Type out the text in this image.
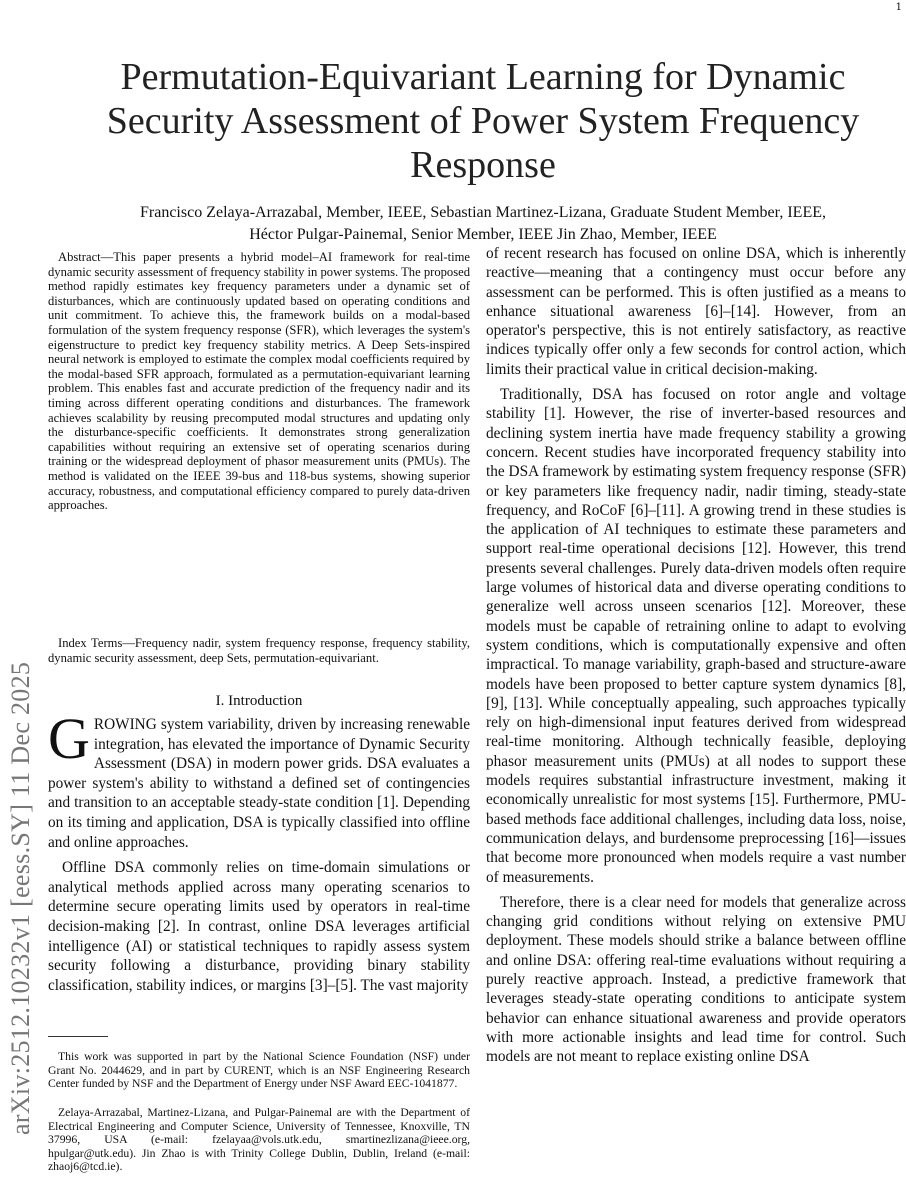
1
arXiv:2512.10232v1 [eess.SY] 11 Dec 2025
Permutation-Equivariant Learning for Dynamic Security Assessment of Power System Frequency Response
Francisco Zelaya-Arrazabal, Member, IEEE, Sebastian Martinez-Lizana, Graduate Student Member, IEEE,
Héctor Pulgar-Painemal, Senior Member, IEEE Jin Zhao, Member, IEEE
Abstract—This paper presents a hybrid model–AI framework for real-time dynamic security assessment of frequency stability in power systems. The proposed method rapidly estimates key frequency parameters under a dynamic set of disturbances, which are continuously updated based on operating conditions and unit commitment. To achieve this, the framework builds on a modal-based formulation of the system frequency response (SFR), which leverages the system's eigenstructure to predict key frequency stability metrics. A Deep Sets-inspired neural network is employed to estimate the complex modal coefficients required by the modal-based SFR approach, formulated as a permutation-equivariant learning problem. This enables fast and accurate prediction of the frequency nadir and its timing across different operating conditions and disturbances. The framework achieves scalability by reusing precomputed modal structures and updating only the disturbance-specific coefficients. It demonstrates strong generalization capabilities without requiring an extensive set of operating scenarios during training or the widespread deployment of phasor measurement units (PMUs). The method is validated on the IEEE 39-bus and 118-bus systems, showing superior accuracy, robustness, and computational efficiency compared to purely data-driven approaches.
Index Terms—Frequency nadir, system frequency response, frequency stability, dynamic security assessment, deep Sets, permutation-equivariant.
I. Introduction

GROWING system variability, driven by increasing renewable integration, has elevated the importance of Dynamic Security Assessment (DSA) in modern power grids. DSA evaluates a power system's ability to withstand a defined set of contingencies and transition to an acceptable steady-state condition [1]. Depending on its timing and application, DSA is typically classified into offline and online approaches.

Offline DSA commonly relies on time-domain simulations or analytical methods applied across many operating scenarios to determine secure operating limits used by operators in real-time decision-making [2]. In contrast, online DSA leverages artificial intelligence (AI) or statistical techniques to rapidly assess system security following a disturbance, providing binary stability classification, stability indices, or margins [3]–[5]. The vast majority

This work was supported in part by the National Science Foundation (NSF) under Grant No. 2044629, and in part by CURENT, which is an NSF Engineering Research Center funded by NSF and the Department of Energy under NSF Award EEC-1041877.
Zelaya-Arrazabal, Martinez-Lizana, and Pulgar-Painemal are with the Department of Electrical Engineering and Computer Science, University of Tennessee, Knoxville, TN 37996, USA (e-mail: fzelayaa@vols.utk.edu, smartinezlizana@ieee.org, hpulgar@utk.edu). Jin Zhao is with Trinity College Dublin, Dublin, Ireland (e-mail: zhaoj6@tcd.ie).

of recent research has focused on online DSA, which is inherently reactive—meaning that a contingency must occur before any assessment can be performed. This is often justified as a means to enhance situational awareness [6]–[14]. However, from an operator's perspective, this is not entirely satisfactory, as reactive indices typically offer only a few seconds for control action, which limits their practical value in critical decision-making.

Traditionally, DSA has focused on rotor angle and voltage stability [1]. However, the rise of inverter-based resources and declining system inertia have made frequency stability a growing concern. Recent studies have incorporated frequency stability into the DSA framework by estimating system frequency response (SFR) or key parameters like frequency nadir, nadir timing, steady-state frequency, and RoCoF [6]–[11]. A growing trend in these studies is the application of AI techniques to estimate these parameters and support real-time operational decisions [12]. However, this trend presents several challenges. Purely data-driven models often require large volumes of historical data and diverse operating conditions to generalize well across unseen scenarios [12]. Moreover, these models must be capable of retraining online to adapt to evolving system conditions, which is computationally expensive and often impractical. To manage variability, graph-based and structure-aware models have been proposed to better capture system dynamics [8], [9], [13]. While conceptually appealing, such approaches typically rely on high-dimensional input features derived from widespread real-time monitoring. Although technically feasible, deploying phasor measurement units (PMUs) at all nodes to support these models requires substantial infrastructure investment, making it economically unrealistic for most systems [15]. Furthermore, PMU-based methods face additional challenges, including data loss, noise, communication delays, and burdensome preprocessing [16]—issues that become more pronounced when models require a vast number of measurements.

Therefore, there is a clear need for models that generalize across changing grid conditions without relying on extensive PMU deployment. These models should strike a balance between offline and online DSA: offering real-time evaluations without requiring a purely reactive approach. Instead, a predictive framework that leverages steady-state operating conditions to anticipate system behavior can enhance situational awareness and provide operators with more actionable insights and lead time for control. Such models are not meant to replace existing online DSA
